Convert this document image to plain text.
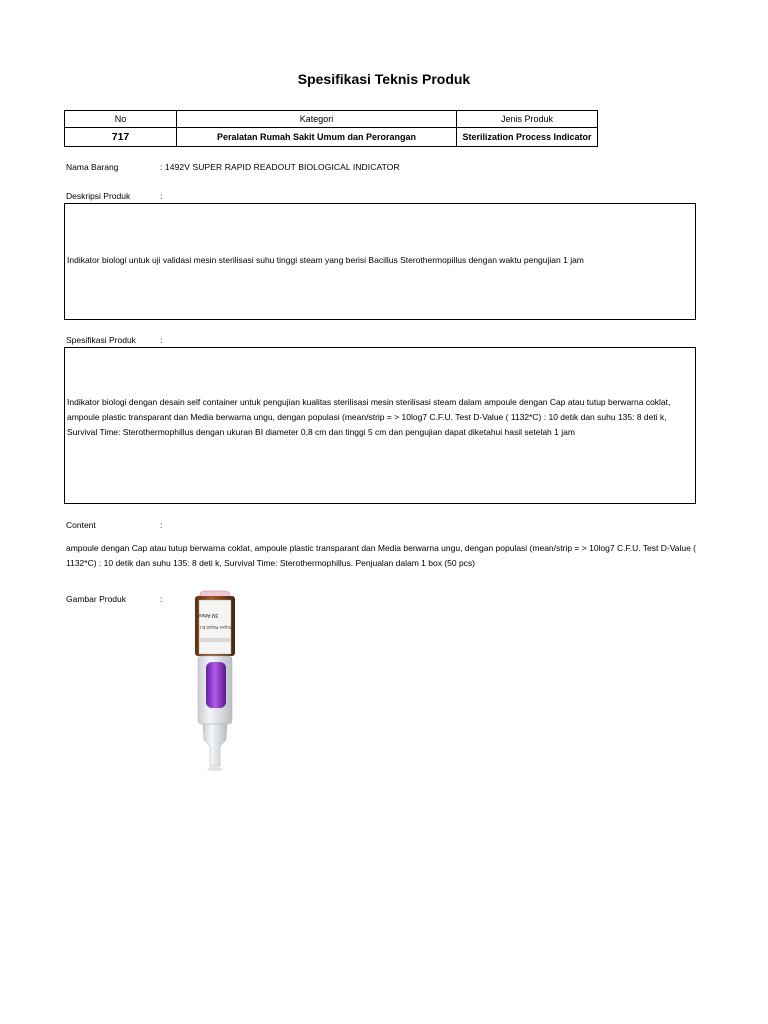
Spesifikasi Teknis Produk
No	Kategori	Jenis Produk
717	Peralatan Rumah Sakit Umum dan Perorangan	Sterilization Process Indicator
Nama Barang	: 1492V SUPER RAPID READOUT BIOLOGICAL INDICATOR
Deskripsi Produk	:

Indikator biologi untuk uji validasi mesin sterilisasi suhu tinggi steam yang berisi Bacillus Sterothermopillus dengan waktu pengujian 1 jam

Spesifikasi Produk	:

Indikator biologi dengan desain self container untuk pengujian kualitas sterilisasi mesin sterilisasi steam dalam ampoule dengan Cap atau tutup berwarna coklat, ampoule plastic transparant dan Media berwarna ungu, dengan populasi (mean/strip = > 10log7 C.F.U. Test D-Value ( 1132*C) : 10 detik dan suhu 135: 8 deti k, Survival Time: Sterothermophillus dengan ukuran BI diameter 0,8 cm dan tinggi 5 cm dan pengujian dapat diketahui hasil setelah 1 jam

Content	:

ampoule dengan Cap atau tutup berwarna coklat, ampoule plastic transparant dan Media berwarna ungu, dengan populasi (mean/strip = > 10log7 C.F.U. Test D-Value ( 1132*C) : 10 detik dan suhu 135: 8 deti k, Survival Time: Sterothermophillus. Penjualan dalam 1 box (50 pcs)

Gambar Produk	:
3M Attest
Super Rapid B.I.
